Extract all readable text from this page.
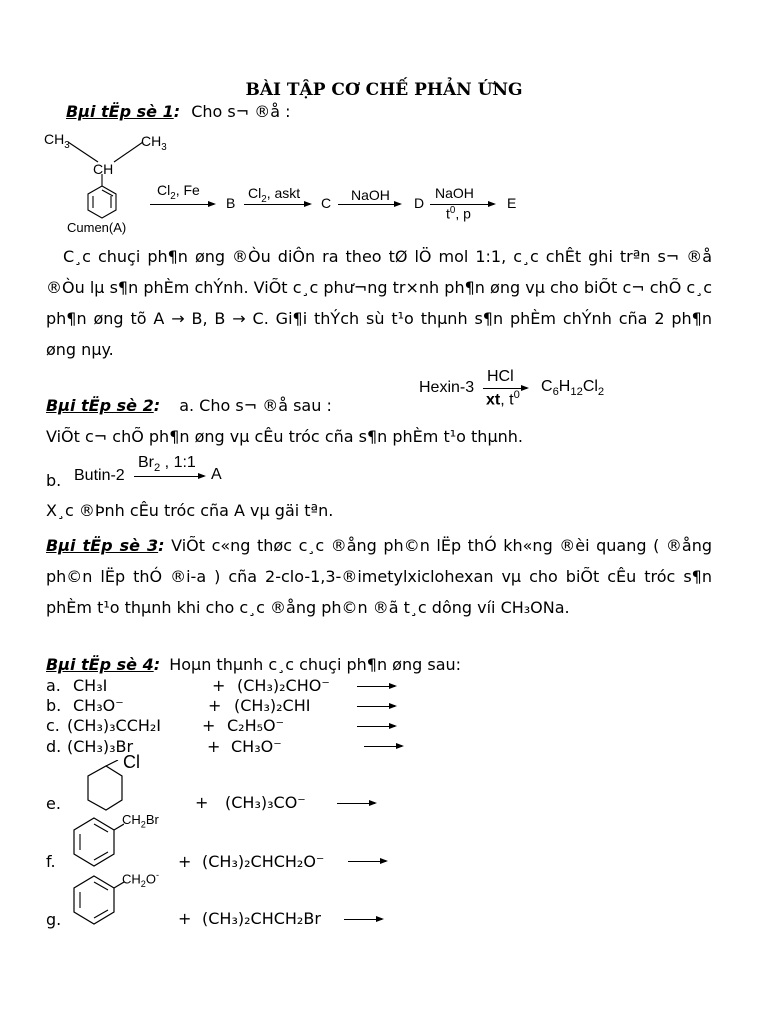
BÀI TẬP CƠ CHẾ PHẢN ỨNG
Bµi tËp sè 1: Cho s¬ ®å :
$CH_3$	$CH_3$
CH
Cumen(A)
$Cl_2$, Fe
B
$Cl_2$, askt
C NaOH D
NaOH
$t^0$, p
E
C¸c chuçi ph¶n øng ®Òu diÔn ra theo tØ lÖ mol 1:1, c¸c chÊt ghi trªn s¬ ®å ®Òu lµ s¶n phÈm chÝnh. ViÕt c¸c phư¬ng tr×nh ph¶n øng vµ cho biÕt c¬ chÕ c¸c ph¶n øng tõ A → B, B → C. Gi¶i thÝch sù t¹o thµnh s¶n phÈm chÝnh cña 2 ph¶n øng nµy.
Hexin-3
HCl
xt, $t^0$ $C_6H_{12}Cl_2$
Bµi tËp sè 2: a. Cho s¬ ®å sau :
ViÕt c¬ chÕ ph¶n øng vµ cÊu tróc cña s¶n phÈm t¹o thµnh.
b. Butin-2
$Br_2$ , 1:1
A
X¸c ®Þnh cÊu tróc cña A vµ gäi tªn.
Bµi tËp sè 3: ViÕt c«ng thøc c¸c ®ång ph©n lËp thÓ kh«ng ®èi quang ( ®ång ph©n lËp thÓ ®i-a ) cña 2-clo-1,3-®imetylxiclohexan vµ cho biÕt cÊu tróc s¶n phÈm t¹o thµnh khi cho c¸c ®ång ph©n ®ã t¸c dông víi CH₃ONa.
Bµi tËp sè 4: Hoµn thµnh c¸c chuçi ph¶n øng sau:
a. CH₃I	+ (CH₃)₂CHO⁻
b. CH₃O⁻	+ (CH₃)₂CHI
c. (CH₃)₃CCH₂I	+ C₂H₅O⁻
d. (CH₃)₃Br	+ CH₃O⁻
Cl
e.	+ (CH₃)₃CO⁻
$CH_2Br$
f.	+ (CH₃)₂CHCH₂O⁻
$CH_2O^-$
g.	+ (CH₃)₂CHCH₂Br
